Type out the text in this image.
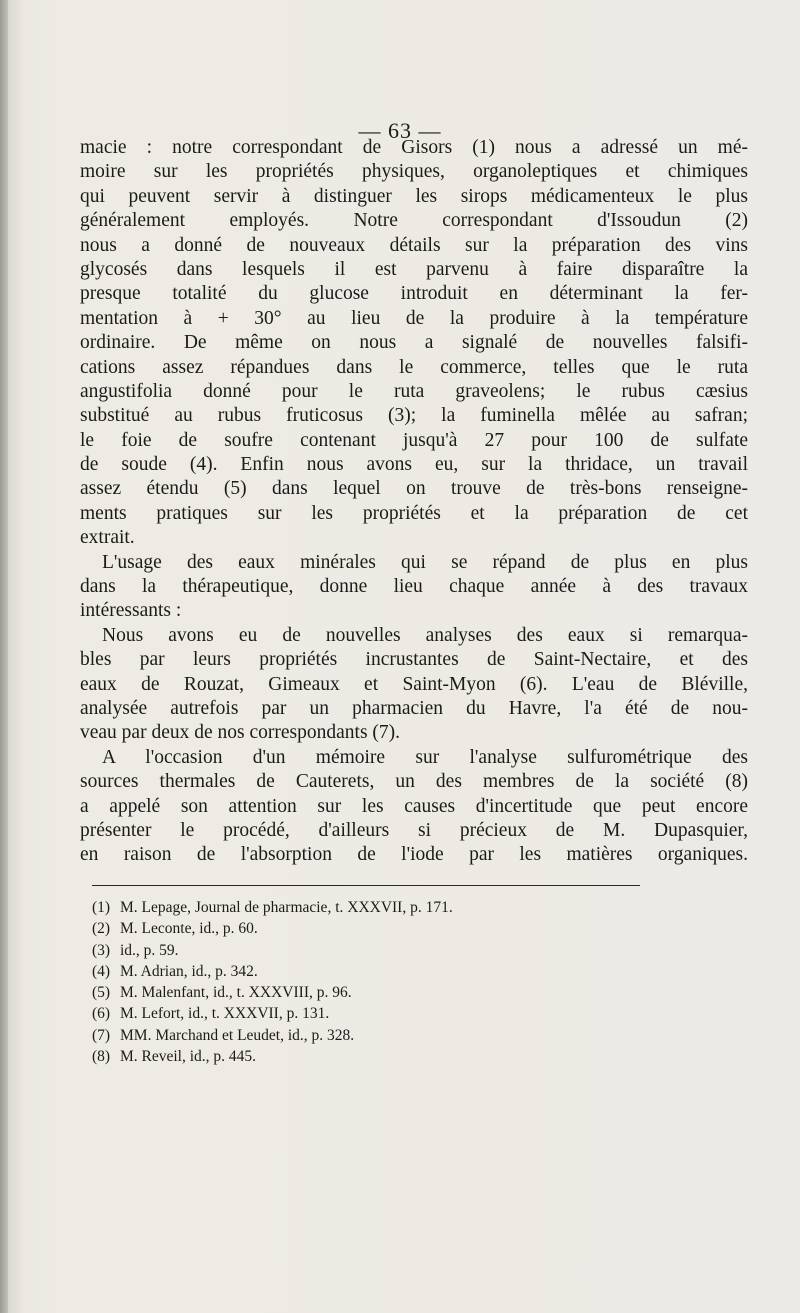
— 63 —
macie : notre correspondant de Gisors (1) nous a adressé un mé-
moire sur les propriétés physiques, organoleptiques et chimiques
qui peuvent servir à distinguer les sirops médicamenteux le plus
généralement employés. Notre correspondant d'Issoudun (2)
nous a donné de nouveaux détails sur la préparation des vins
glycosés dans lesquels il est parvenu à faire disparaître la
presque totalité du glucose introduit en déterminant la fer-
mentation à + 30° au lieu de la produire à la température
ordinaire. De même on nous a signalé de nouvelles falsifi-
cations assez répandues dans le commerce, telles que le ruta
angustifolia donné pour le ruta graveolens; le rubus cæsius
substitué au rubus fruticosus (3); la fuminella mêlée au safran;
le foie de soufre contenant jusqu'à 27 pour 100 de sulfate
de soude (4). Enfin nous avons eu, sur la thridace, un travail
assez étendu (5) dans lequel on trouve de très-bons renseigne-
ments pratiques sur les propriétés et la préparation de cet
extrait.
L'usage des eaux minérales qui se répand de plus en plus
dans la thérapeutique, donne lieu chaque année à des travaux
intéressants :
Nous avons eu de nouvelles analyses des eaux si remarqua-
bles par leurs propriétés incrustantes de Saint-Nectaire, et des
eaux de Rouzat, Gimeaux et Saint-Myon (6). L'eau de Bléville,
analysée autrefois par un pharmacien du Havre, l'a été de nou-
veau par deux de nos correspondants (7).
A l'occasion d'un mémoire sur l'analyse sulfurométrique des
sources thermales de Cauterets, un des membres de la société (8)
a appelé son attention sur les causes d'incertitude que peut encore
présenter le procédé, d'ailleurs si précieux de M. Dupasquier,
en raison de l'absorption de l'iode par les matières organiques.
(1) M. Lepage, Journal de pharmacie, t. XXXVII, p. 171.
(2) M. Leconte, id., p. 60.
(3) id., p. 59.
(4) M. Adrian, id., p. 342.
(5) M. Malenfant, id., t. XXXVIII, p. 96.
(6) M. Lefort, id., t. XXXVII, p. 131.
(7) MM. Marchand et Leudet, id., p. 328.
(8) M. Reveil, id., p. 445.
